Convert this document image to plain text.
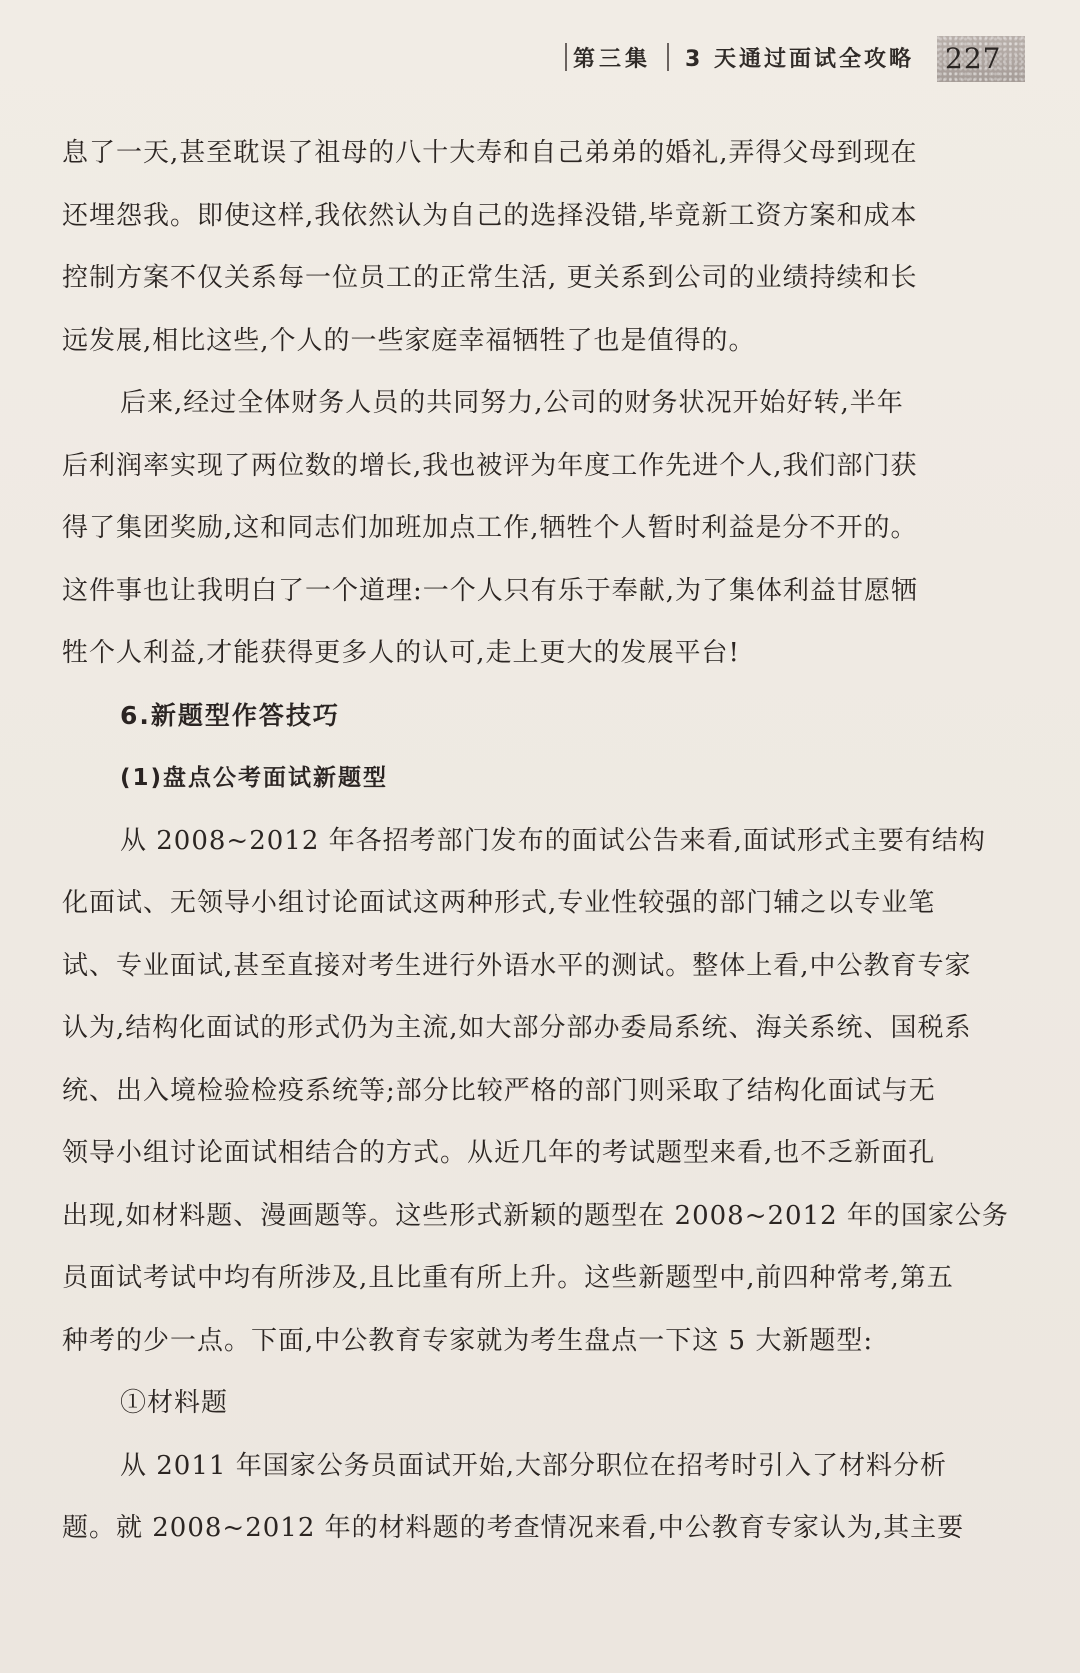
第三集 3 天通过面试全攻略 227
息了一天,甚至耽误了祖母的八十大寿和自己弟弟的婚礼,弄得父母到现在
还埋怨我。即使这样,我依然认为自己的选择没错,毕竟新工资方案和成本
控制方案不仅关系每一位员工的正常生活, 更关系到公司的业绩持续和长
远发展,相比这些,个人的一些家庭幸福牺牲了也是值得的。
后来,经过全体财务人员的共同努力,公司的财务状况开始好转,半年
后利润率实现了两位数的增长,我也被评为年度工作先进个人,我们部门获
得了集团奖励,这和同志们加班加点工作,牺牲个人暂时利益是分不开的。
这件事也让我明白了一个道理:一个人只有乐于奉献,为了集体利益甘愿牺
牲个人利益,才能获得更多人的认可,走上更大的发展平台!
6.新题型作答技巧
(1)盘点公考面试新题型
从 2008~2012 年各招考部门发布的面试公告来看,面试形式主要有结构
化面试、无领导小组讨论面试这两种形式,专业性较强的部门辅之以专业笔
试、专业面试,甚至直接对考生进行外语水平的测试。整体上看,中公教育专家
认为,结构化面试的形式仍为主流,如大部分部办委局系统、海关系统、国税系
统、出入境检验检疫系统等;部分比较严格的部门则采取了结构化面试与无
领导小组讨论面试相结合的方式。从近几年的考试题型来看,也不乏新面孔
出现,如材料题、漫画题等。这些形式新颖的题型在 2008~2012 年的国家公务
员面试考试中均有所涉及,且比重有所上升。这些新题型中,前四种常考,第五
种考的少一点。下面,中公教育专家就为考生盘点一下这 5 大新题型:
①材料题
从 2011 年国家公务员面试开始,大部分职位在招考时引入了材料分析
题。就 2008~2012 年的材料题的考查情况来看,中公教育专家认为,其主要
